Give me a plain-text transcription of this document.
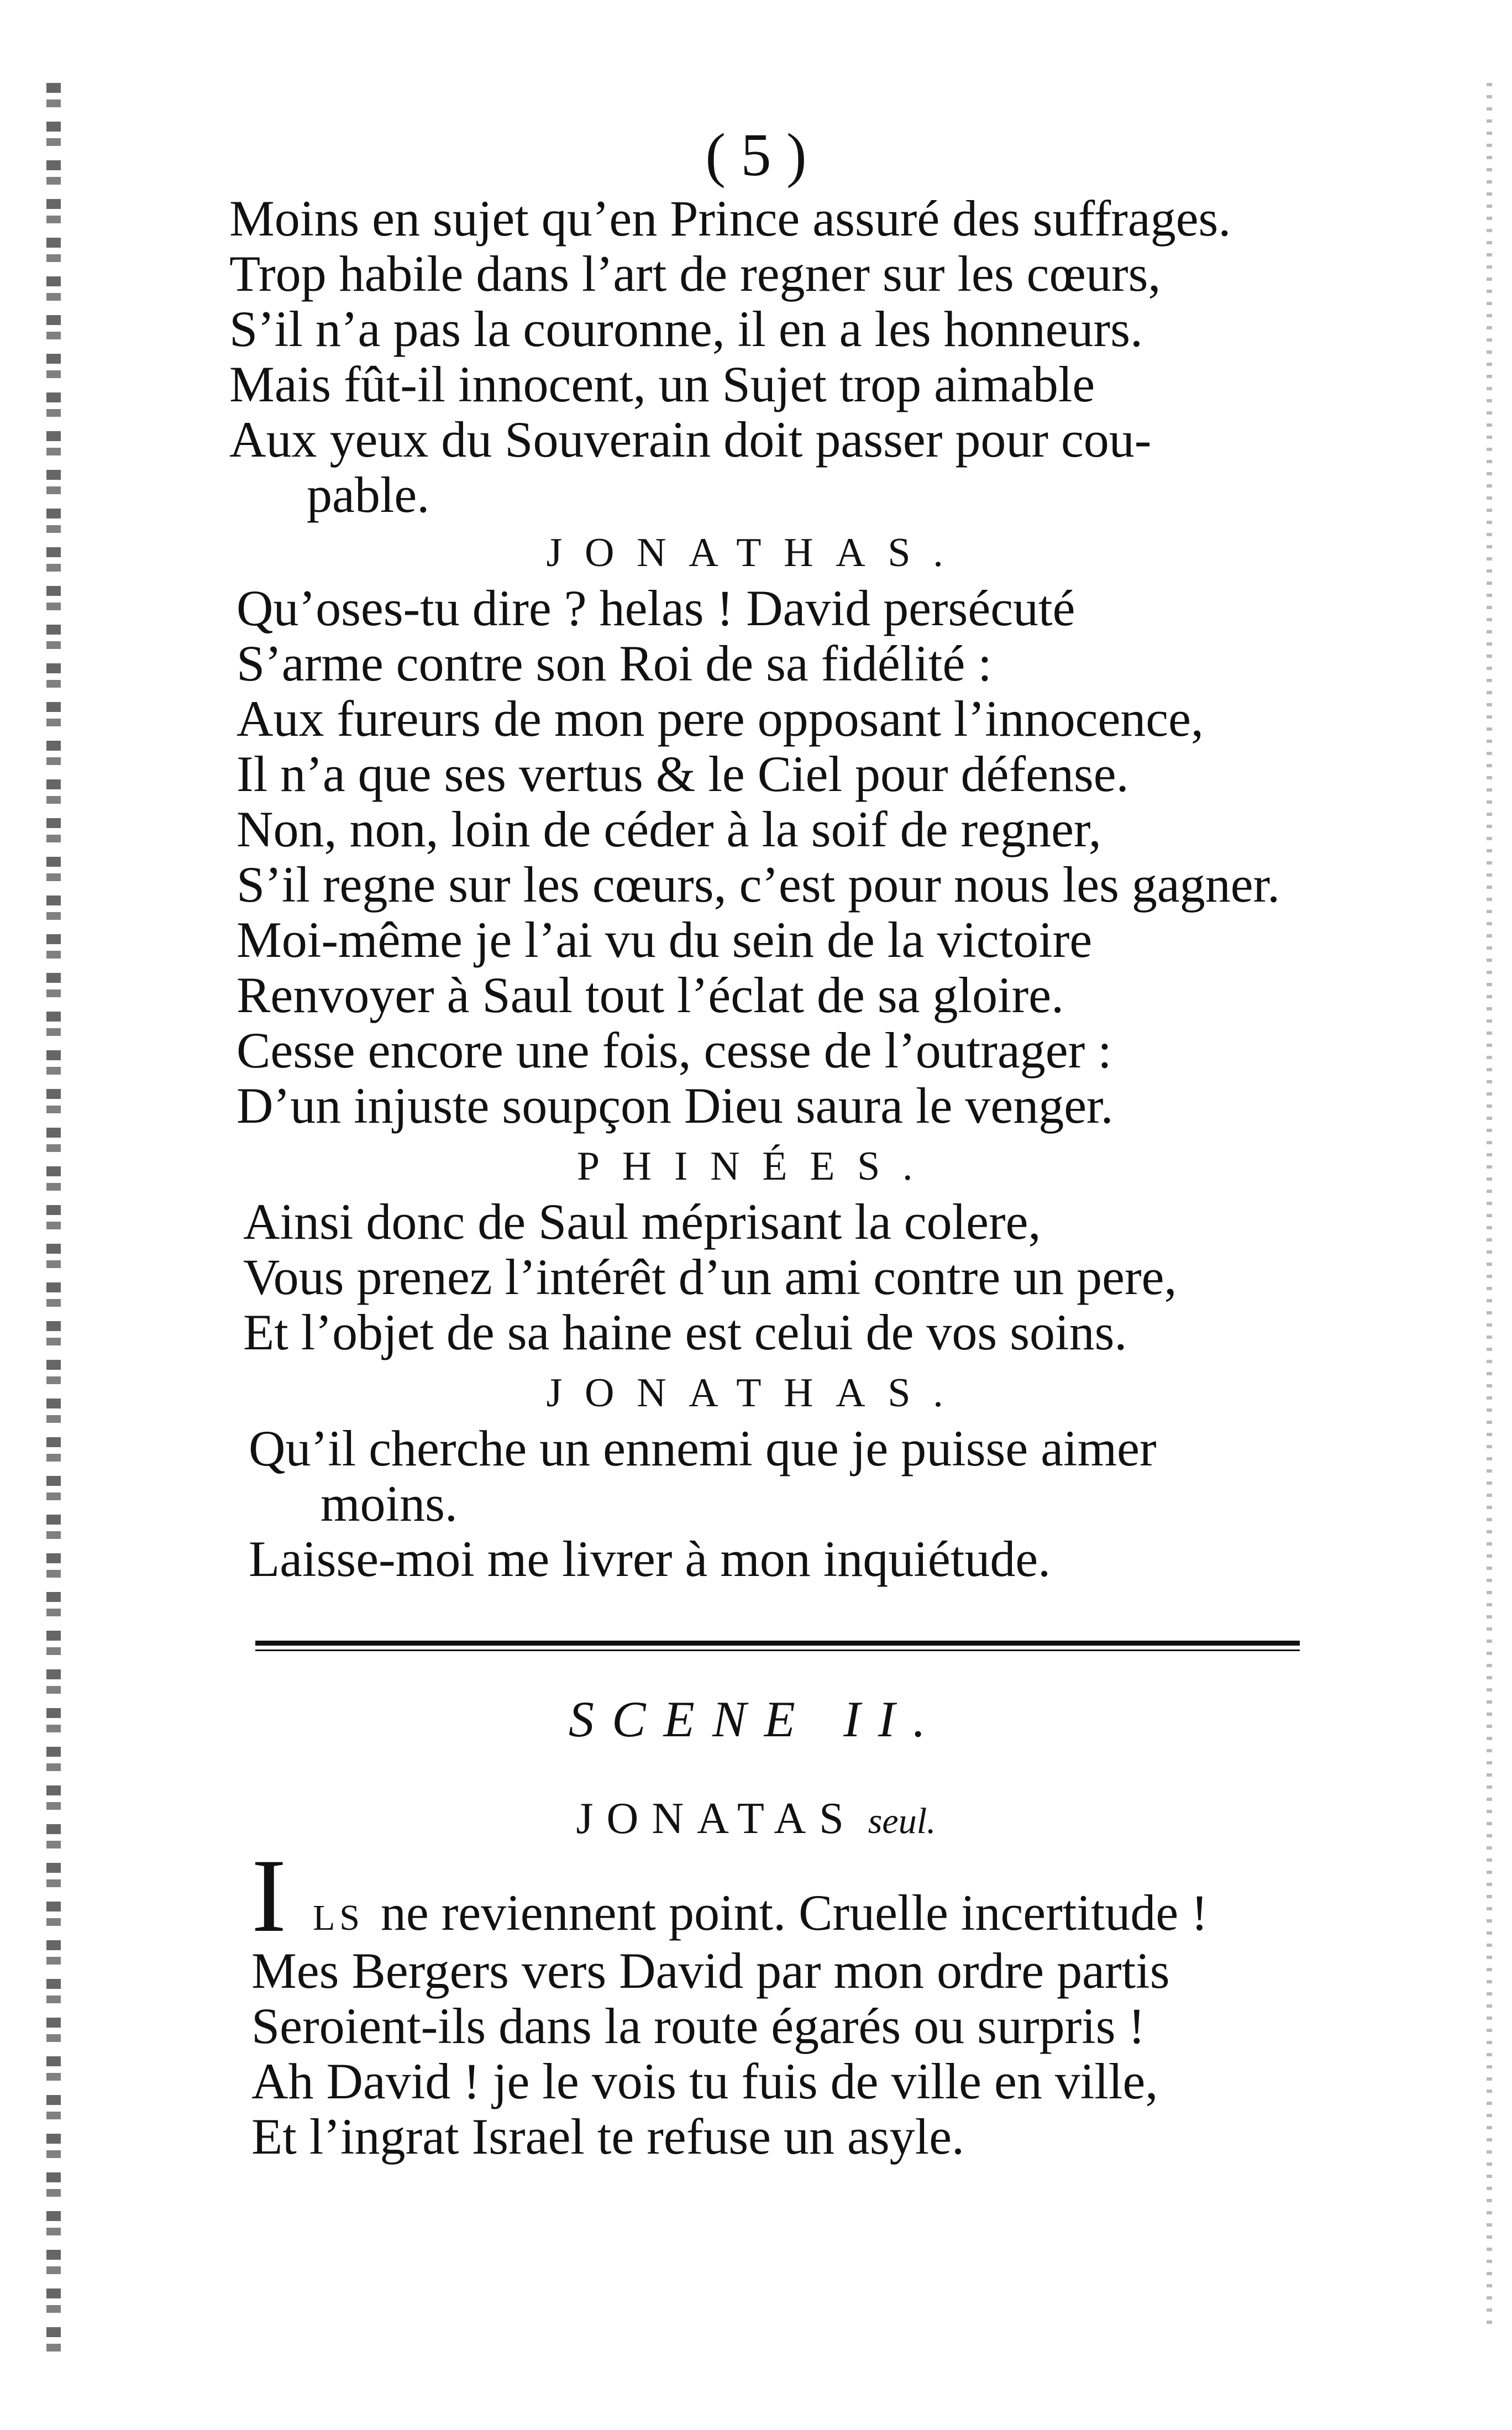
( 5 )
Moins en sujet qu’en Prince assuré des suffrages.
Trop habile dans l’art de regner sur les cœurs,
S’il n’a pas la couronne, il en a les honneurs.
Mais fût-il innocent, un Sujet trop aimable
Aux yeux du Souverain doit passer pour cou-
pable.
JONATHAS.
Qu’oses-tu dire ? helas ! David persécuté
S’arme contre son Roi de sa fidélité :
Aux fureurs de mon pere opposant l’innocence,
Il n’a que ses vertus & le Ciel pour défense.
Non, non, loin de céder à la soif de regner,
S’il regne sur les cœurs, c’est pour nous les gagner.
Moi-même je l’ai vu du sein de la victoire
Renvoyer à Saul tout l’éclat de sa gloire.
Cesse encore une fois, cesse de l’outrager :
D’un injuste soupçon Dieu saura le venger.
PHINÉES.
Ainsi donc de Saul méprisant la colere,
Vous prenez l’intérêt d’un ami contre un pere,
Et l’objet de sa haine est celui de vos soins.
JONATHAS.
Qu’il cherche un ennemi que je puisse aimer
moins.
Laisse-moi me livrer à mon inquiétude.
SCENE II.
JONATAS seul.
I LS ne reviennent point. Cruelle incertitude !
Mes Bergers vers David par mon ordre partis
Seroient-ils dans la route égarés ou surpris !
Ah David ! je le vois tu fuis de ville en ville,
Et l’ingrat Israel te refuse un asyle.
